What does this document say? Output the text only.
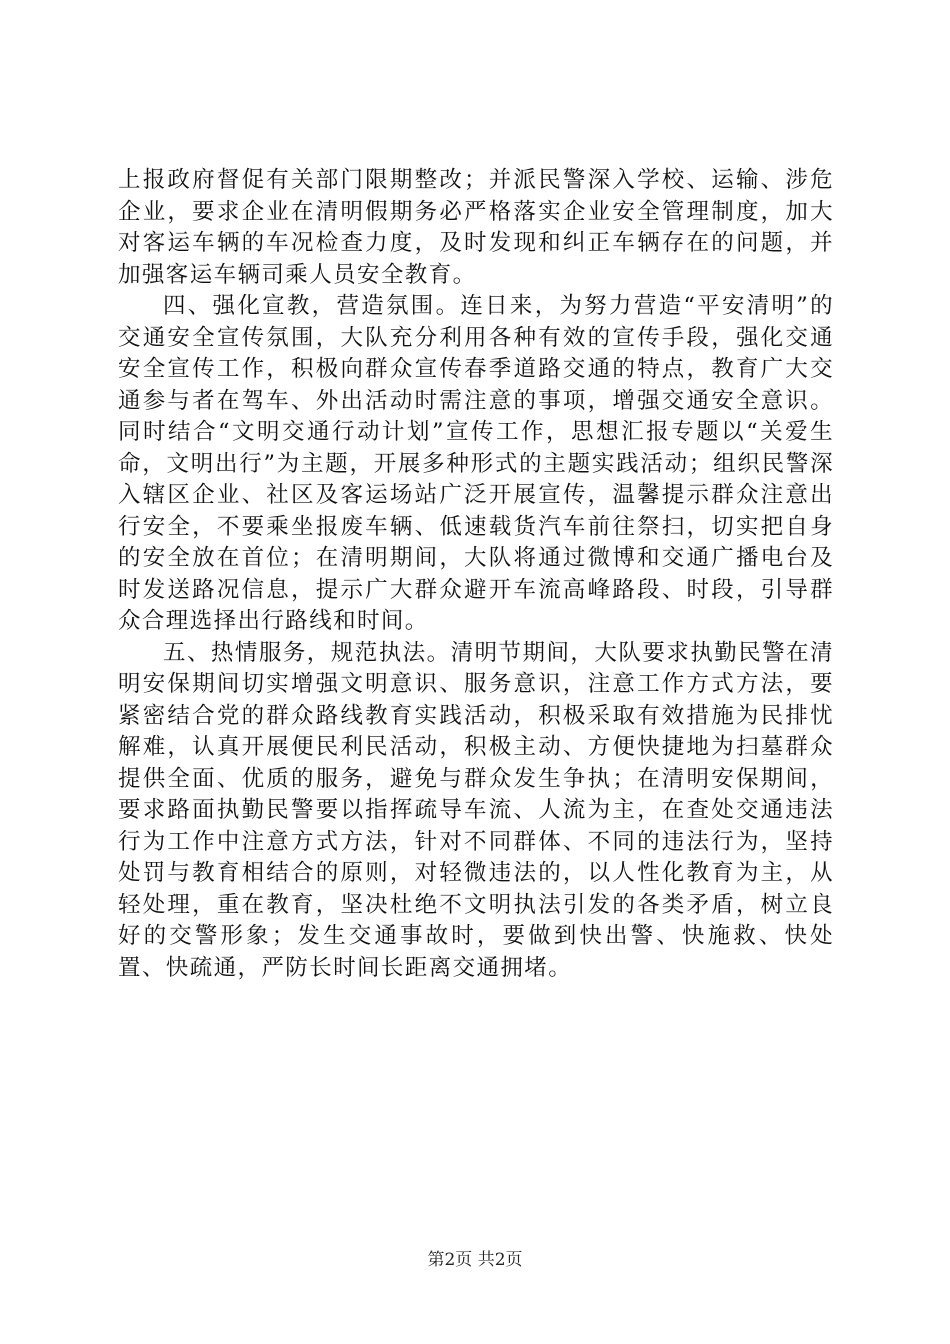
上报政府督促有关部门限期整改；并派民警深入学校、运输、涉危企业，要求企业在清明假期务必严格落实企业安全管理制度，加大对客运车辆的车况检查力度，及时发现和纠正车辆存在的问题，并加强客运车辆司乘人员安全教育。

四、强化宣教，营造氛围。连日来，为努力营造“平安清明”的交通安全宣传氛围，大队充分利用各种有效的宣传手段，强化交通安全宣传工作，积极向群众宣传春季道路交通的特点，教育广大交通参与者在驾车、外出活动时需注意的事项，增强交通安全意识。同时结合“文明交通行动计划”宣传工作，思想汇报专题以“关爱生命，文明出行”为主题，开展多种形式的主题实践活动；组织民警深入辖区企业、社区及客运场站广泛开展宣传，温馨提示群众注意出行安全，不要乘坐报废车辆、低速载货汽车前往祭扫，切实把自身的安全放在首位；在清明期间，大队将通过微博和交通广播电台及时发送路况信息，提示广大群众避开车流高峰路段、时段，引导群众合理选择出行路线和时间。

五、热情服务，规范执法。清明节期间，大队要求执勤民警在清明安保期间切实增强文明意识、服务意识，注意工作方式方法，要紧密结合党的群众路线教育实践活动，积极采取有效措施为民排忧解难，认真开展便民利民活动，积极主动、方便快捷地为扫墓群众提供全面、优质的服务，避免与群众发生争执；在清明安保期间，要求路面执勤民警要以指挥疏导车流、人流为主，在查处交通违法行为工作中注意方式方法，针对不同群体、不同的违法行为，坚持处罚与教育相结合的原则，对轻微违法的，以人性化教育为主，从轻处理，重在教育，坚决杜绝不文明执法引发的各类矛盾，树立良好的交警形象；发生交通事故时，要做到快出警、快施救、快处置、快疏通，严防长时间长距离交通拥堵。

第2页 共2页
